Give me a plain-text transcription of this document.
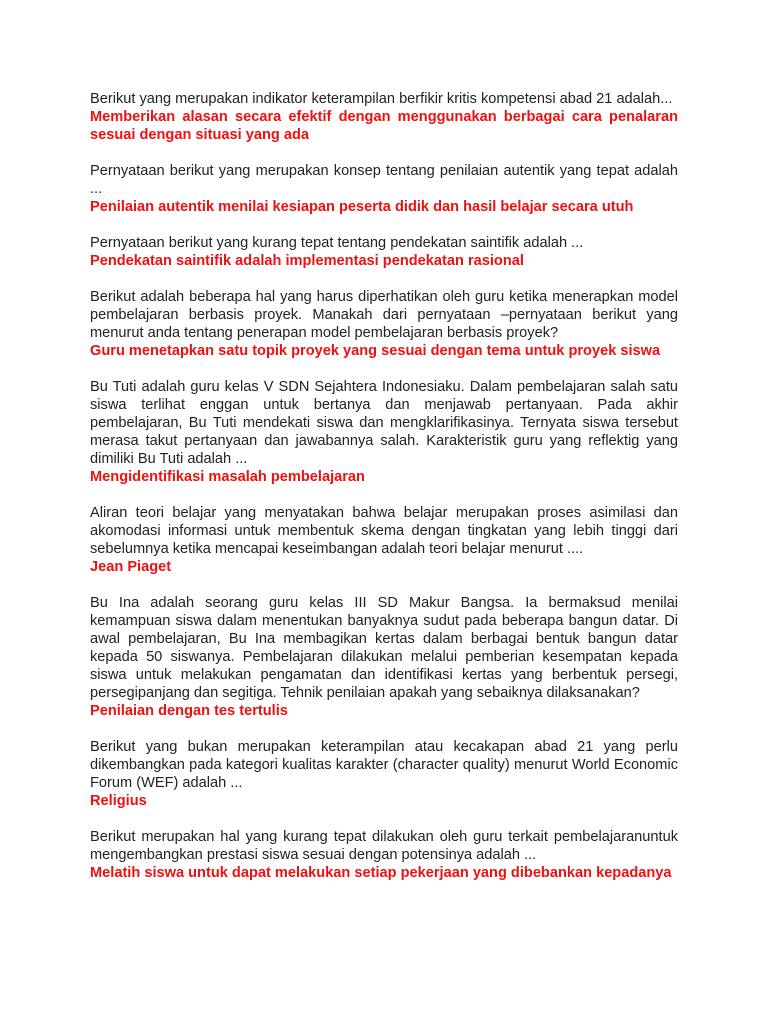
Berikut yang merupakan indikator keterampilan berfikir kritis kompetensi abad 21 adalah...

Memberikan alasan secara efektif dengan menggunakan berbagai cara penalaran sesuai dengan situasi yang ada

Pernyataan berikut yang merupakan konsep tentang penilaian autentik yang tepat adalah ...

Penilaian autentik menilai kesiapan peserta didik dan hasil belajar secara utuh

Pernyataan berikut yang kurang tepat tentang pendekatan saintifik adalah ...

Pendekatan saintifik adalah implementasi pendekatan rasional

Berikut adalah beberapa hal yang harus diperhatikan oleh guru ketika menerapkan model pembelajaran berbasis proyek. Manakah dari pernyataan –pernyataan berikut yang menurut anda tentang penerapan model pembelajaran berbasis proyek?

Guru menetapkan satu topik proyek yang sesuai dengan tema untuk proyek siswa

Bu Tuti adalah guru kelas V SDN Sejahtera Indonesiaku. Dalam pembelajaran salah satu siswa terlihat enggan untuk bertanya dan menjawab pertanyaan. Pada akhir pembelajaran, Bu Tuti mendekati siswa dan mengklarifikasinya. Ternyata siswa tersebut merasa takut pertanyaan dan jawabannya salah. Karakteristik guru yang reflektig yang dimiliki Bu Tuti adalah ...

Mengidentifikasi masalah pembelajaran

Aliran teori belajar yang menyatakan bahwa belajar merupakan proses asimilasi dan akomodasi informasi untuk membentuk skema dengan tingkatan yang lebih tinggi dari sebelumnya ketika mencapai keseimbangan adalah teori belajar menurut ....

Jean Piaget

Bu Ina adalah seorang guru kelas III SD Makur Bangsa. Ia bermaksud menilai kemampuan siswa dalam menentukan banyaknya sudut pada beberapa bangun datar. Di awal pembelajaran, Bu Ina membagikan kertas dalam berbagai bentuk bangun datar kepada 50 siswanya. Pembelajaran dilakukan melalui pemberian kesempatan kepada siswa untuk melakukan pengamatan dan identifikasi kertas yang berbentuk persegi, persegipanjang dan segitiga. Tehnik penilaian apakah yang sebaiknya dilaksanakan?

Penilaian dengan tes tertulis

Berikut yang bukan merupakan keterampilan atau kecakapan abad 21 yang perlu dikembangkan pada kategori kualitas karakter (character quality) menurut World Economic Forum (WEF) adalah ...

Religius

Berikut merupakan hal yang kurang tepat dilakukan oleh guru terkait pembelajaranuntuk mengembangkan prestasi siswa sesuai dengan potensinya adalah ...

Melatih siswa untuk dapat melakukan setiap pekerjaan yang dibebankan kepadanya
